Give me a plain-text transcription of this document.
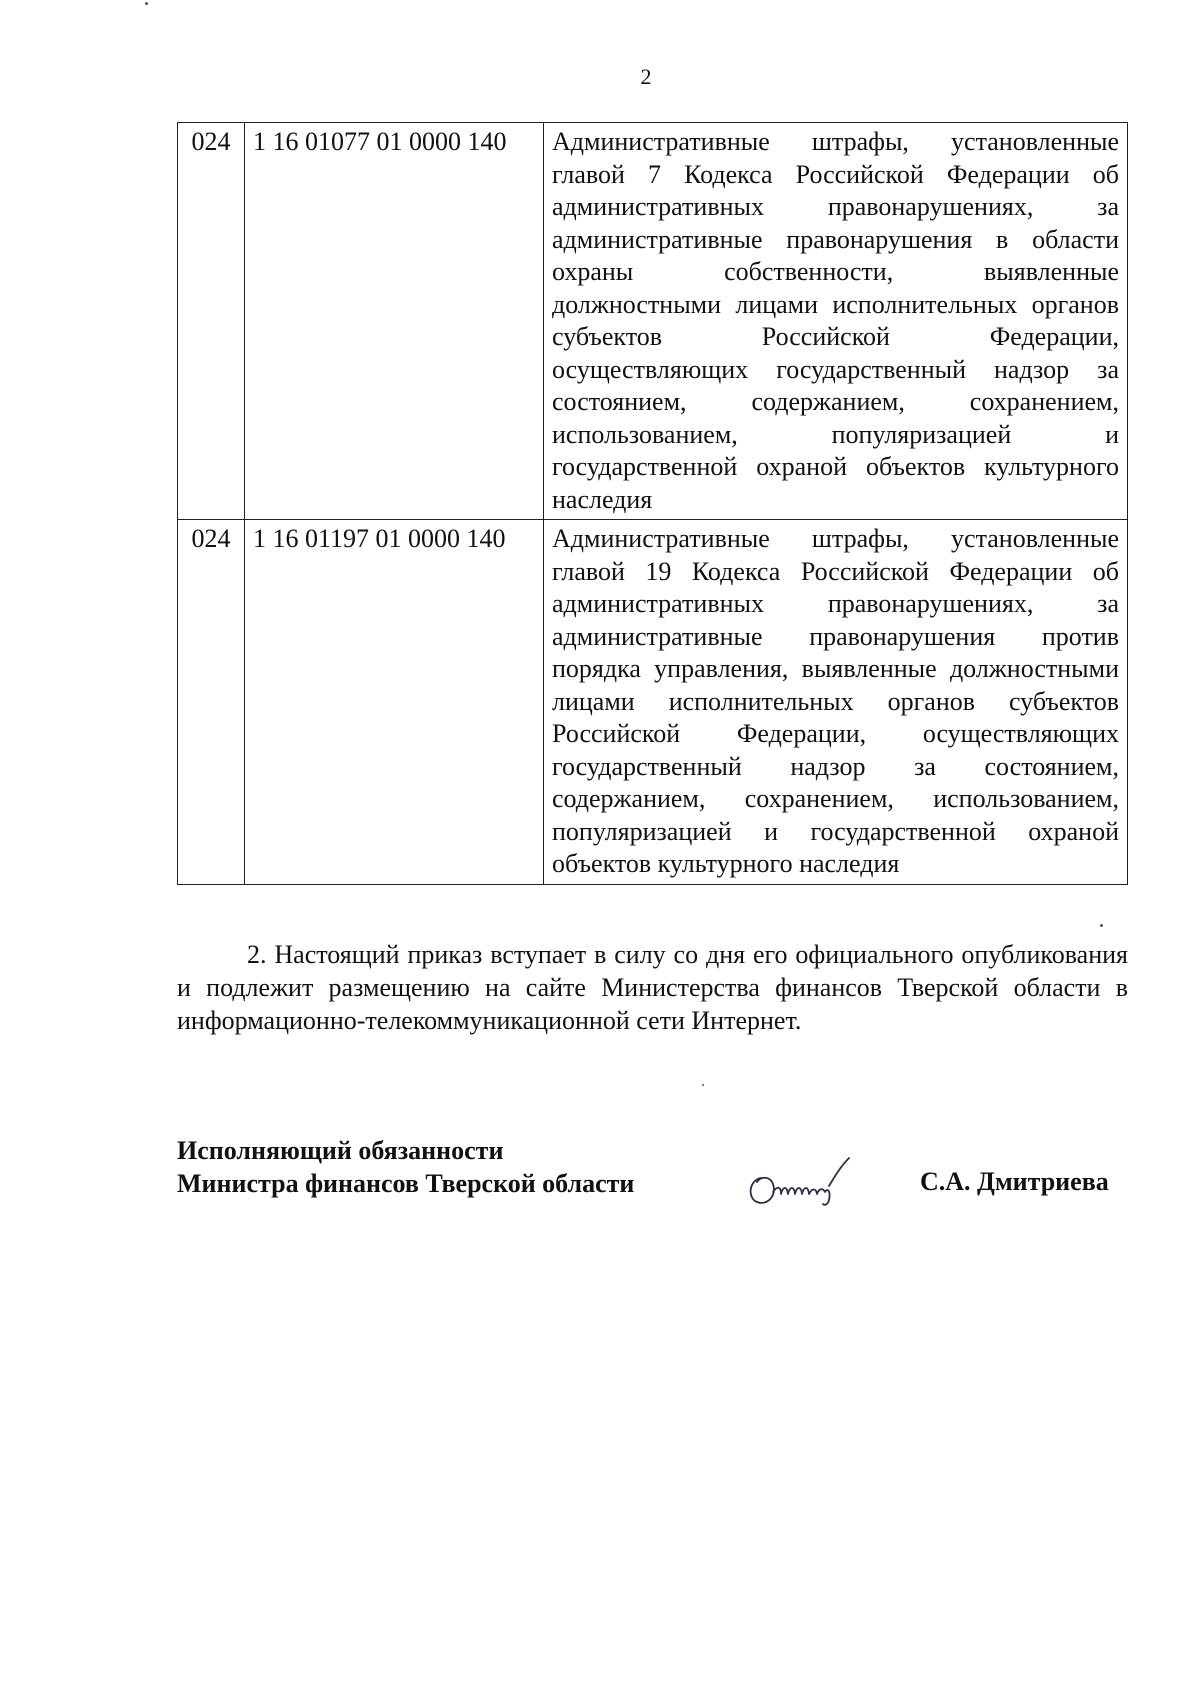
2
024	1 16 01077 01 0000 140	Административные штрафы, установленные главой 7 Кодекса Российской Федерации об административных правонарушениях, за административные правонарушения в области охраны собственности, выявленные должностными лицами исполнительных органов субъектов Российской Федерации, осуществляющих государственный надзор за состоянием, содержанием, сохранением, использованием, популяризацией и государственной охраной объектов культурного наследия
024	1 16 01197 01 0000 140	Административные штрафы, установленные главой 19 Кодекса Российской Федерации об административных правонарушениях, за административные правонарушения против порядка управления, выявленные должностными лицами исполнительных органов субъектов Российской Федерации, осуществляющих государственный надзор за состоянием, содержанием, сохранением, использованием, популяризацией и государственной охраной объектов культурного наследия
2. Настоящий приказ вступает в силу со дня его официального опубликования и подлежит размещению на сайте Министерства финансов Тверской области в информационно-телекоммуникационной сети Интернет.
Исполняющий обязанности
Министра финансов Тверской области	С.А. Дмитриева
